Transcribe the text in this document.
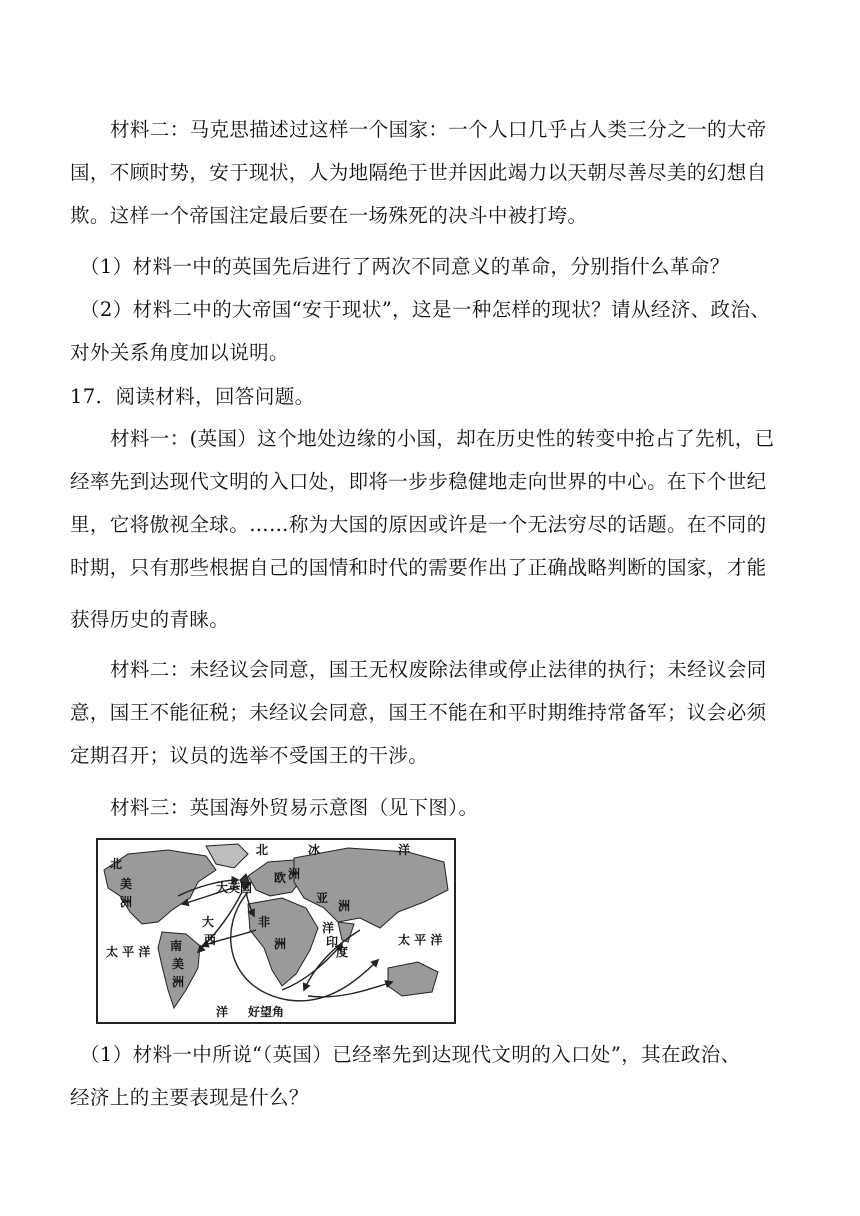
材料二：马克思描述过这样一个国家：一个人口几乎占人类三分之一的大帝
国，不顾时势，安于现状，人为地隔绝于世并因此竭力以天朝尽善尽美的幻想自
欺。这样一个帝国注定最后要在一场殊死的决斗中被打垮。
（1）材料一中的英国先后进行了两次不同意义的革命，分别指什么革命？
（2）材料二中的大帝国“安于现状”，这是一种怎样的现状？请从经济、政治、
对外关系角度加以说明。
17．阅读材料，回答问题。
材料一：(英国）这个地处边缘的小国，却在历史性的转变中抢占了先机，已
经率先到达现代文明的入口处，即将一步步稳健地走向世界的中心。在下个世纪
里，它将傲视全球。……称为大国的原因或许是一个无法穷尽的话题。在不同的
时期，只有那些根据自己的国情和时代的需要作出了正确战略判断的国家，才能
获得历史的青睐。
材料二：未经议会同意，国王无权废除法律或停止法律的执行；未经议会同
意，国王不能征税；未经议会同意，国王不能在和平时期维持常备军；议会必须
定期召开；议员的选举不受国王的干涉。
材料三：英国海外贸易示意图（见下图）。
北	冰	洋
大英国
欧 洲
北
美
洲	亚
洲
非
洲
大
西
洋
南
美
洲
太 平 洋
印
度
洋
太 平 洋
好望角
（1）材料一中所说“（英国）已经率先到达现代文明的入口处”，其在政治、
经济上的主要表现是什么？
